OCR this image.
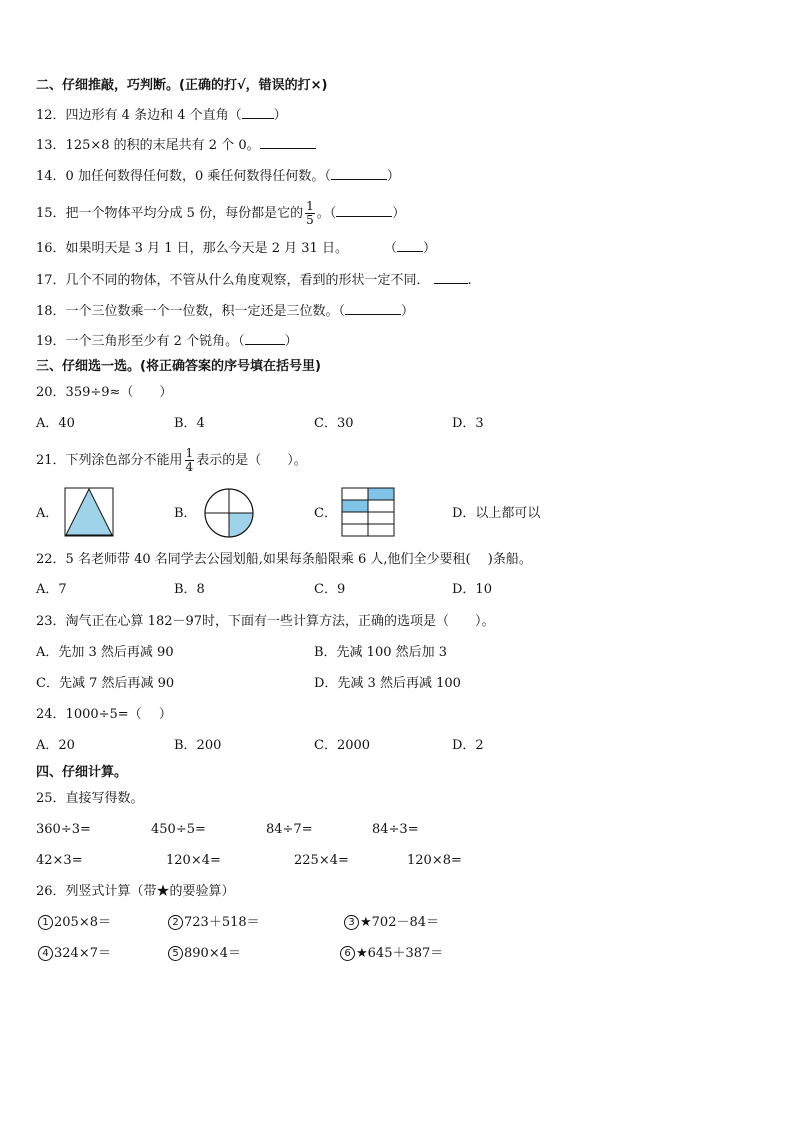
二、仔细推敲，巧判断。(正确的打√，错误的打×)
12．四边形有 4 条边和 4 个直角（ ）
13．125×8 的积的末尾共有 2 个 0。
14．0 加任何数得任何数，0 乘任何数得任何数。（	）
15．把一个物体平均分成 5 份，每份都是它的 $\frac{1}{5}$ 。（	）
16．如果明天是 3 月 1 日，那么今天是 2 月 31 日。	（ ）
17．几个不同的物体，不管从什么角度观察，看到的形状一定不同．	.
18．一个三位数乘一个一位数，积一定还是三位数。（	）
19．一个三角形至少有 2 个锐角。（	）
三、仔细选一选。(将正确答案的序号填在括号里)
20．359÷9≈（　　）
A．40	B．4	C．30	D．3
21．下列涂色部分不能用 $\frac{1}{4}$ 表示的是（　　）。
A．	B．	C．	D．以上都可以
22．5 名老师带 40 名同学去公园划船,如果每条船限乘 6 人,他们全少要租(　 )条船。
A．7	B．8	C．9	D．10
23．淘气正在心算 182－97时，下面有一些计算方法，正确的选项是（　　）。
A．先加 3 然后再减 90	B．先减 100 然后加 3
C．先减 7 然后再减 90	D．先减 3 然后再减 100
24．1000÷5=（　 ）
A．20	B．200	C．2000	D．2
四、仔细计算。
25．直接写得数。
360÷3=	450÷5=	84÷7=	84÷3=
42×3=	120×4=	225×4=	120×8=
26．列竖式计算（带★的要验算）
1 205×8＝	2 723＋518＝	3 ★702－84＝
4 324×7＝	5 890×4＝	6 ★645＋387＝
